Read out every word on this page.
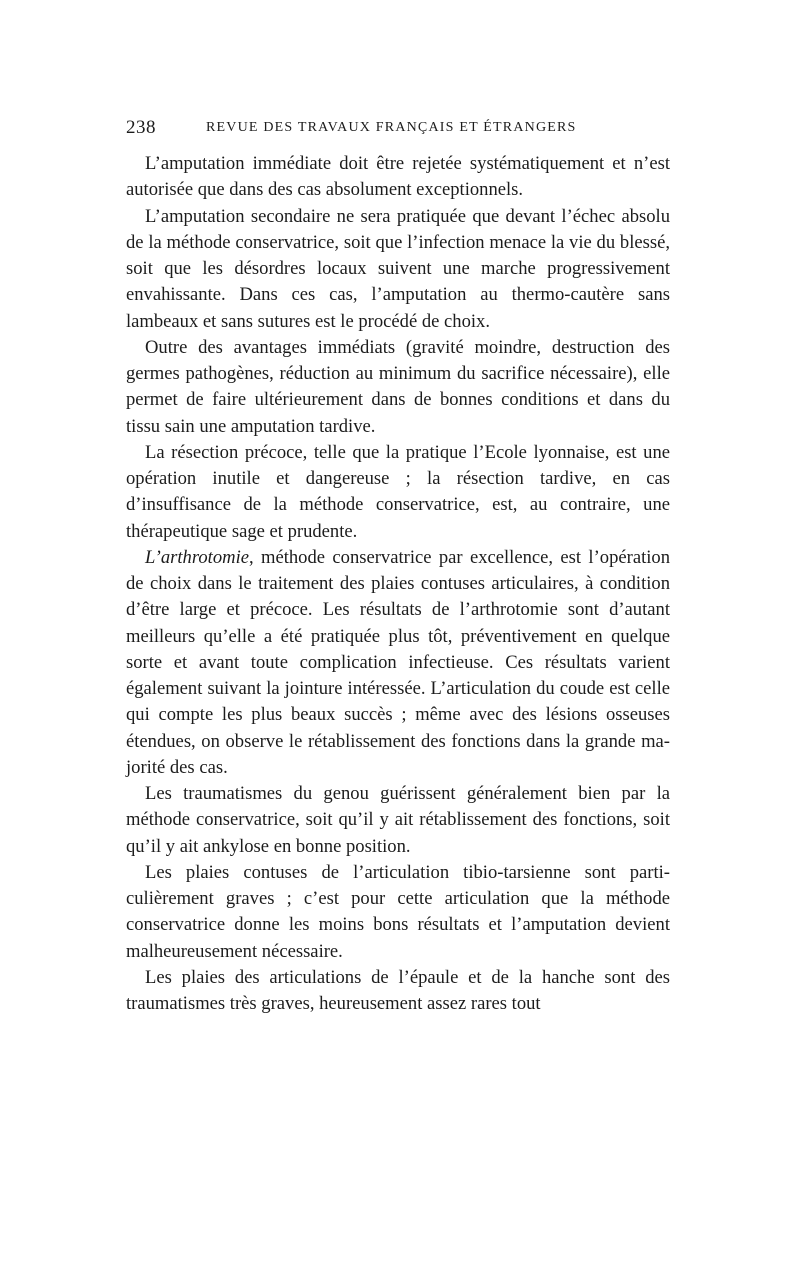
238	REVUE DES TRAVAUX FRANÇAIS ET ÉTRANGERS

L’amputation immédiate doit être rejetée systématiquement et n’est autorisée que dans des cas absolument exceptionnels.

L’amputation secondaire ne sera pratiquée que devant l’échec absolu de la méthode conservatrice, soit que l’infection menace la vie du blessé, soit que les désordres locaux suivent une marche progressivement envahissante. Dans ces cas, l’amputation au thermo-cautère sans lambeaux et sans sutures est le procédé de choix.

Outre des avantages immédiats (gravité moindre, destruction des germes pathogènes, réduction au minimum du sacrifice nécessaire), elle permet de faire ultérieurement dans de bonnes conditions et dans du tissu sain une amputation tardive.

La résection précoce, telle que la pratique l’Ecole lyonnaise, est une opération inutile et dangereuse ; la résection tardive, en cas d’insuffisance de la méthode conservatrice, est, au contraire, une thérapeutique sage et prudente.

L’arthrotomie, méthode conservatrice par excellence, est l’opération de choix dans le traitement des plaies contuses articulaires, à condition d’être large et précoce. Les résultats de l’arthrotomie sont d’autant meilleurs qu’elle a été pratiquée plus tôt, préventivement en quelque sorte et avant toute complication infectieuse. Ces résultats varient également suivant la jointure intéressée. L’articulation du coude est celle qui compte les plus beaux succès ; même avec des lésions osseuses étendues, on observe le rétablissement des fonctions dans la grande majorité des cas.

Les traumatismes du genou guérissent généralement bien par la méthode conservatrice, soit qu’il y ait rétablissement des fonctions, soit qu’il y ait ankylose en bonne position.

Les plaies contuses de l’articulation tibio-tarsienne sont particulièrement graves ; c’est pour cette articulation que la méthode conservatrice donne les moins bons résultats et l’amputation devient malheureusement nécessaire.

Les plaies des articulations de l’épaule et de la hanche sont des traumatismes très graves, heureusement assez rares tout
